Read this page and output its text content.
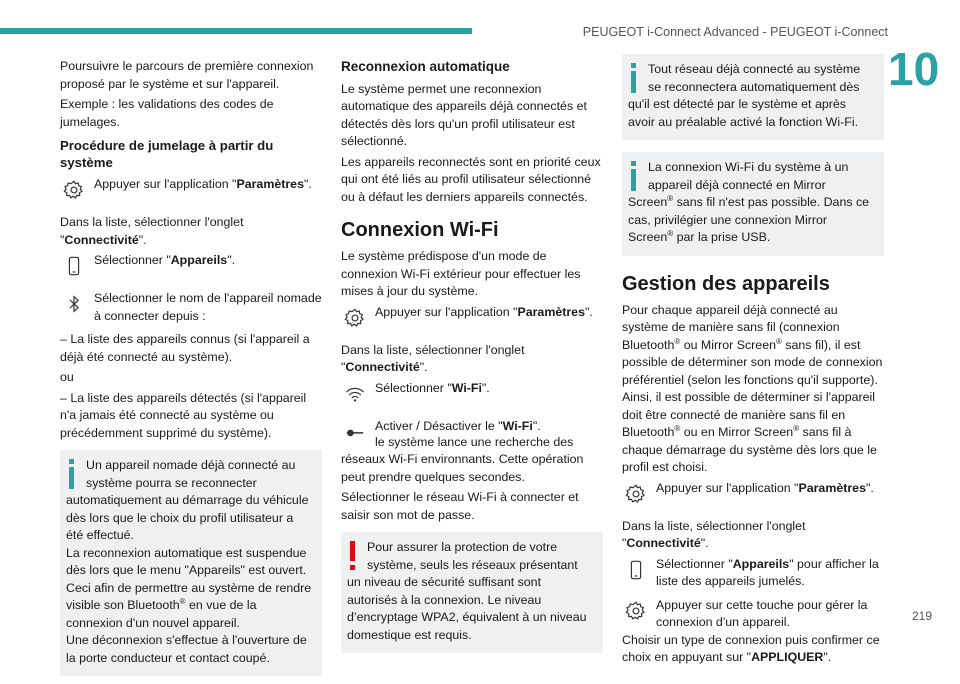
PEUGEOT i-Connect Advanced - PEUGEOT i-Connect
10
219

Poursuivre le parcours de première connexion proposé par le système et sur l'appareil.

Exemple : les validations des codes de jumelages.

Procédure de jumelage à partir du système
Appuyer sur l'application "Paramètres".

Dans la liste, sélectionner l'onglet
"Connectivité".

Sélectionner "Appareils".
Sélectionner le nom de l'appareil nomade à connecter depuis :

– La liste des appareils connus (si l'appareil a déjà été connecté au système).

ou

– La liste des appareils détectés (si l'appareil n'a jamais été connecté au système ou précédemment supprimé du système).

Un appareil nomade déjà connecté au système pourra se reconnecter automatiquement au démarrage du véhicule dès lors que le choix du profil utilisateur a été effectué.

La reconnexion automatique est suspendue dès lors que le menu "Appareils" est ouvert.

Ceci afin de permettre au système de rendre visible son Bluetooth® en vue de la connexion d'un nouvel appareil.

Une déconnexion s'effectue à l'ouverture de la porte conducteur et contact coupé.

Reconnexion automatique

Le système permet une reconnexion automatique des appareils déjà connectés et détectés dès lors qu'un profil utilisateur est sélectionné.

Les appareils reconnectés sont en priorité ceux qui ont été liés au profil utilisateur sélectionné ou à défaut les derniers appareils connectés.

Connexion Wi-Fi

Le système prédispose d'un mode de connexion Wi-Fi extérieur pour effectuer les mises à jour du système.

Appuyer sur l'application "Paramètres".

Dans la liste, sélectionner l'onglet
"Connectivité".

Sélectionner "Wi-Fi".
Activer / Désactiver le "Wi-Fi".

le système lance une recherche des réseaux Wi-Fi environnants. Cette opération peut prendre quelques secondes.

Sélectionner le réseau Wi-Fi à connecter et saisir son mot de passe.

Pour assurer la protection de votre système, seuls les réseaux présentant un niveau de sécurité suffisant sont autorisés à la connexion. Le niveau d’encryptage WPA2, équivalent à un niveau domestique est requis.

Tout réseau déjà connecté au système se reconnectera automatiquement dès qu'il est détecté par le système et après avoir au préalable activé la fonction Wi-Fi.

La connexion Wi-Fi du système à un appareil déjà connecté en Mirror Screen® sans fil n'est pas possible. Dans ce cas, privilégier une connexion Mirror Screen® par la prise USB.

Gestion des appareils

Pour chaque appareil déjà connecté au système de manière sans fil (connexion Bluetooth® ou Mirror Screen® sans fil), il est possible de déterminer son mode de connexion préférentiel (selon les fonctions qu'il supporte). Ainsi, il est possible de déterminer si l'appareil doit être connecté de manière sans fil en Bluetooth® ou en Mirror Screen® sans fil à chaque démarrage du système dès lors que le profil est choisi.

Appuyer sur l'application "Paramètres".

Dans la liste, sélectionner l'onglet
"Connectivité".

Sélectionner "Appareils" pour afficher la liste des appareils jumelés.
Appuyer sur cette touche pour gérer la connexion d'un appareil.

Choisir un type de connexion puis confirmer ce choix en appuyant sur "APPLIQUER".
